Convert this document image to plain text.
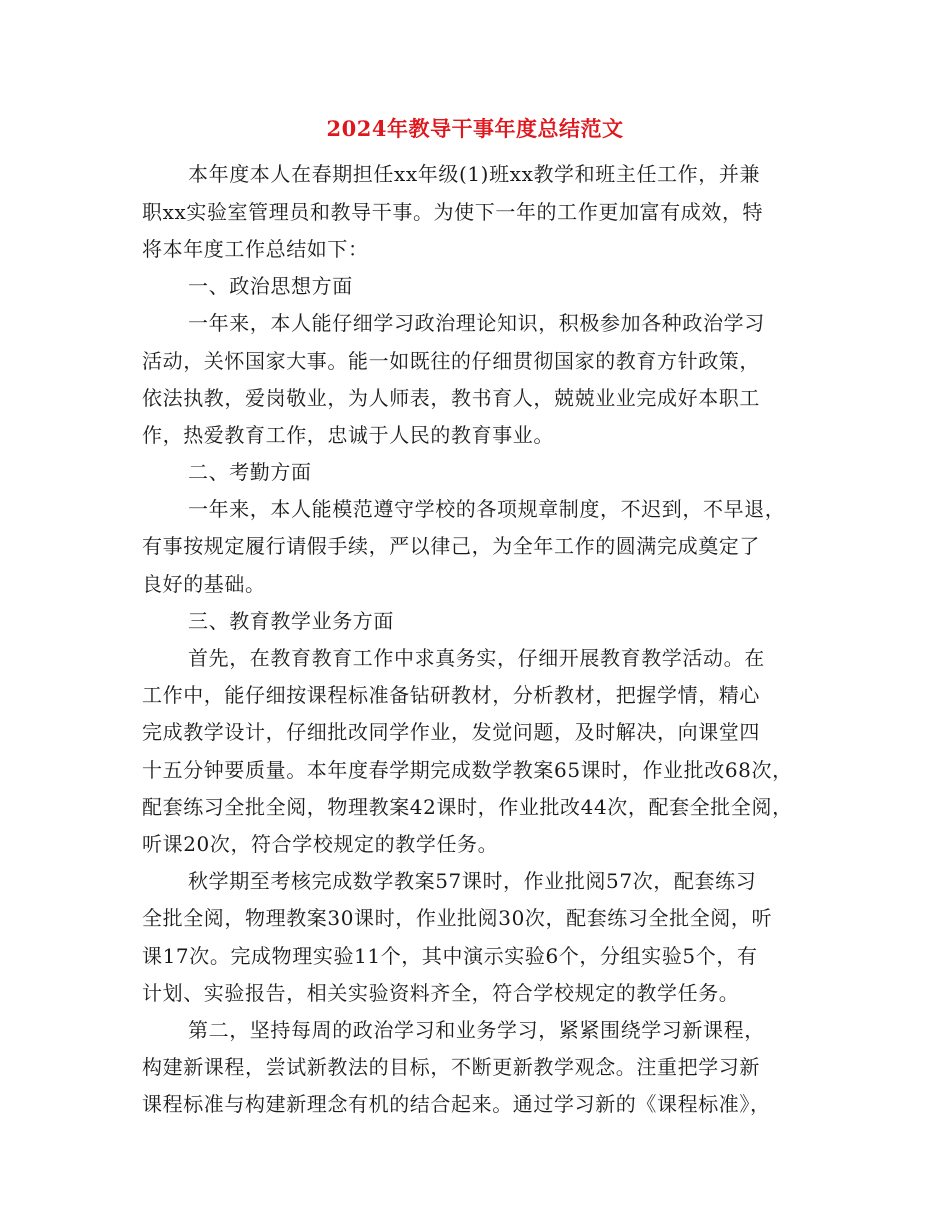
2024年教导干事年度总结范文
本年度本人在春期担任xx年级(1)班xx教学和班主任工作，并兼
职xx实验室管理员和教导干事。为使下一年的工作更加富有成效，特
将本年度工作总结如下：
一、政治思想方面
一年来，本人能仔细学习政治理论知识，积极参加各种政治学习
活动，关怀国家大事。能一如既往的仔细贯彻国家的教育方针政策，
依法执教，爱岗敬业，为人师表，教书育人，兢兢业业完成好本职工
作，热爱教育工作，忠诚于人民的教育事业。
二、考勤方面
一年来，本人能模范遵守学校的各项规章制度，不迟到，不早退，
有事按规定履行请假手续，严以律己，为全年工作的圆满完成奠定了
良好的基础。
三、教育教学业务方面
首先，在教育教育工作中求真务实，仔细开展教育教学活动。在
工作中，能仔细按课程标准备钻研教材，分析教材，把握学情，精心
完成教学设计，仔细批改同学作业，发觉问题，及时解决，向课堂四
十五分钟要质量。本年度春学期完成数学教案65课时，作业批改68次，
配套练习全批全阅，物理教案42课时，作业批改44次，配套全批全阅，
听课20次，符合学校规定的教学任务。
秋学期至考核完成数学教案57课时，作业批阅57次，配套练习
全批全阅，物理教案30课时，作业批阅30次，配套练习全批全阅，听
课17次。完成物理实验11个，其中演示实验6个，分组实验5个，有
计划、实验报告，相关实验资料齐全，符合学校规定的教学任务。
第二，坚持每周的政治学习和业务学习，紧紧围绕学习新课程，
构建新课程，尝试新教法的目标，不断更新教学观念。注重把学习新
课程标准与构建新理念有机的结合起来。通过学习新的《课程标准》，
